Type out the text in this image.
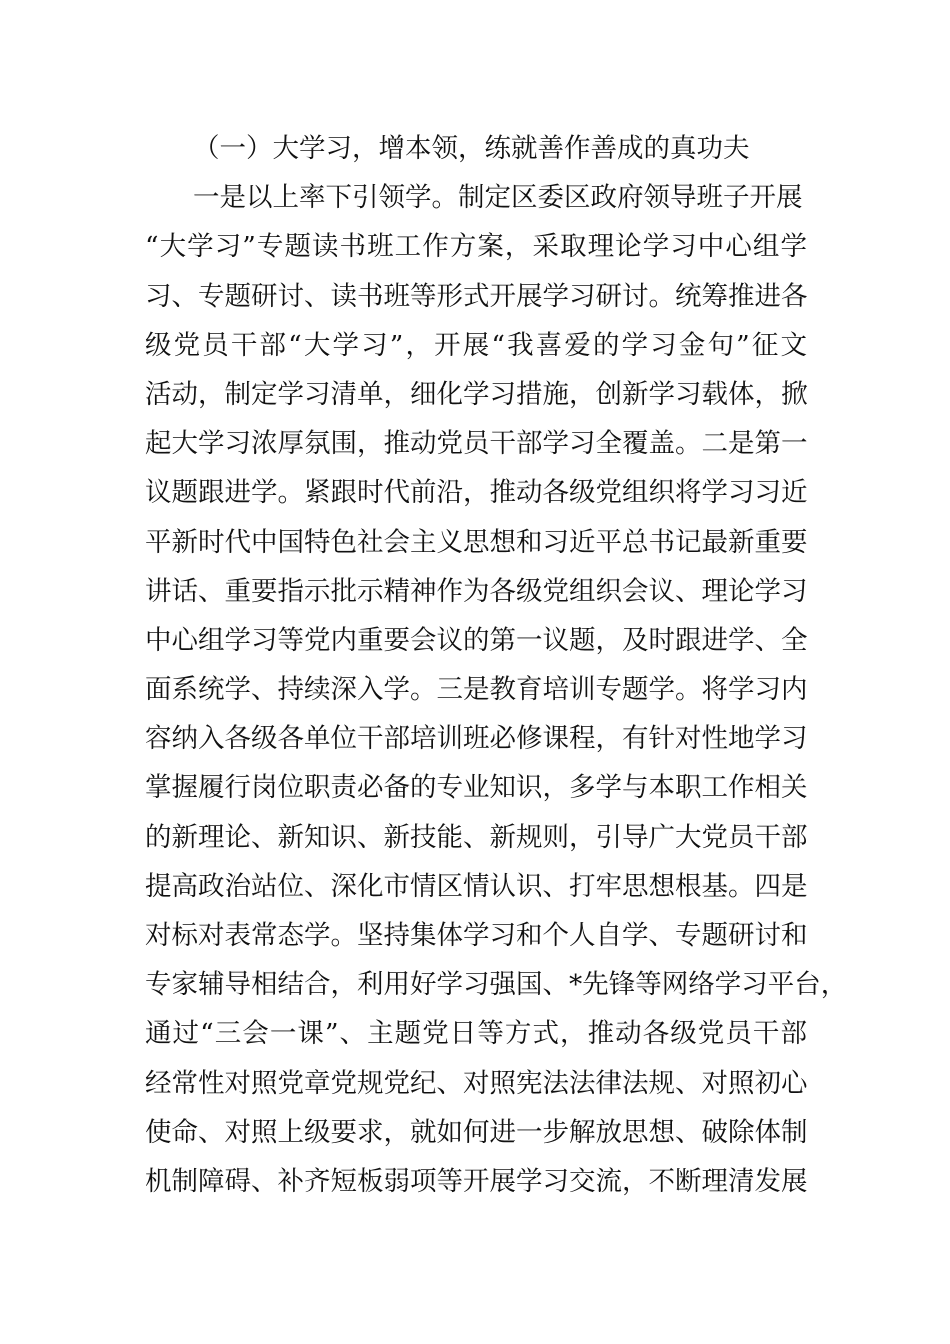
（一）大学习，增本领，练就善作善成的真功夫
一是以上率下引领学。制定区委区政府领导班子开展
“大学习”专题读书班工作方案，采取理论学习中心组学
习、专题研讨、读书班等形式开展学习研讨。统筹推进各
级党员干部“大学习”，开展“我喜爱的学习金句”征文
活动，制定学习清单，细化学习措施，创新学习载体，掀
起大学习浓厚氛围，推动党员干部学习全覆盖。二是第一
议题跟进学。紧跟时代前沿，推动各级党组织将学习习近
平新时代中国特色社会主义思想和习近平总书记最新重要
讲话、重要指示批示精神作为各级党组织会议、理论学习
中心组学习等党内重要会议的第一议题，及时跟进学、全
面系统学、持续深入学。三是教育培训专题学。将学习内
容纳入各级各单位干部培训班必修课程，有针对性地学习
掌握履行岗位职责必备的专业知识，多学与本职工作相关
的新理论、新知识、新技能、新规则，引导广大党员干部
提高政治站位、深化市情区情认识、打牢思想根基。四是
对标对表常态学。坚持集体学习和个人自学、专题研讨和
专家辅导相结合，利用好学习强国、*先锋等网络学习平台，
通过“三会一课”、主题党日等方式，推动各级党员干部
经常性对照党章党规党纪、对照宪法法律法规、对照初心
使命、对照上级要求，就如何进一步解放思想、破除体制
机制障碍、补齐短板弱项等开展学习交流，不断理清发展
